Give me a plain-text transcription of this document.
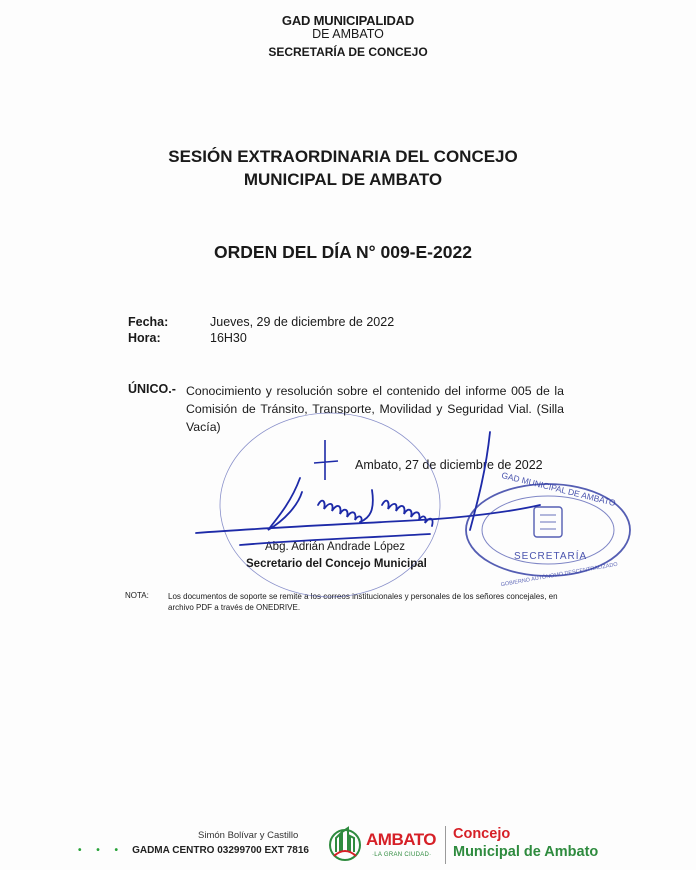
GAD MUNICIPALIDAD
DE AMBATO
SECRETARÍA DE CONCEJO
SESIÓN EXTRAORDINARIA DEL CONCEJO
MUNICIPAL DE AMBATO
ORDEN DEL DÍA N° 009-E-2022
Fecha:	Jueves, 29 de diciembre de 2022
Hora:	16H30
ÚNICO.- Conocimiento y resolución sobre el contenido del informe 005 de la Comisión de Tránsito, Transporte, Movilidad y Seguridad Vial. (Silla Vacía)
Ambato, 27 de diciembre de 2022
Abg. Adrián Andrade López
Secretario del Concejo Municipal
NOTA: Los documentos de soporte se remite a los correos institucionales y personales de los señores concejales, en archivo PDF a través de ONEDRIVE.
GAD MUNICIPAL DE AMBATO
SECRETARÍA
GOBIERNO AUTÓNOMO DESCENTRALIZADO
Simón Bolívar y Castillo
• • • GADMA CENTRO 03299700 EXT 7816
AMBATO
·LA GRAN CIUDAD·
Concejo
Municipal de Ambato
